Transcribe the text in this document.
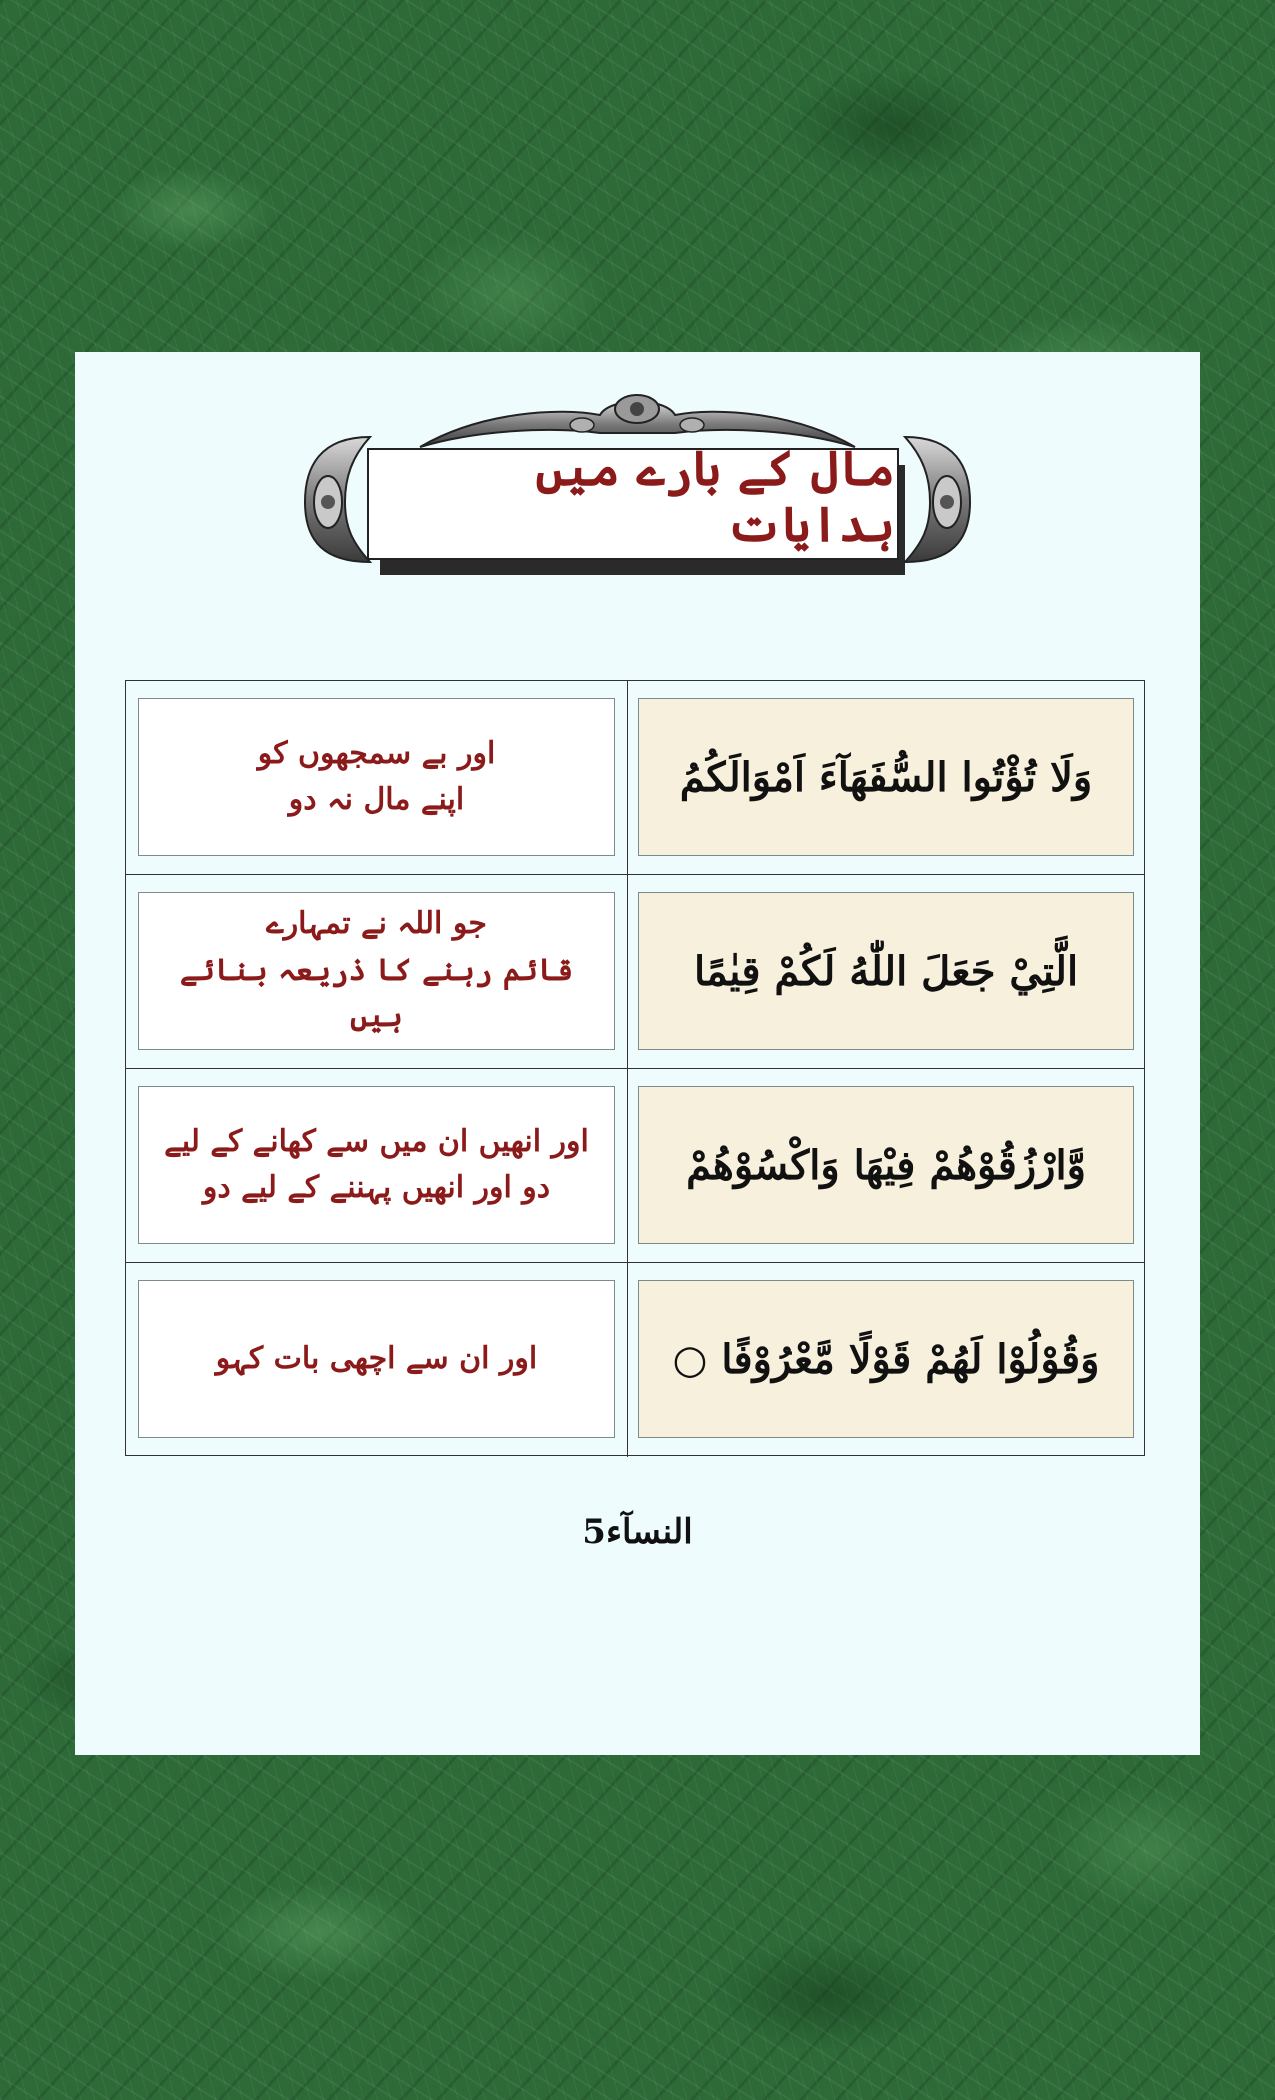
مال کے بارے میں ہدایات
وَلَا تُؤْتُوا السُّفَهَآءَ اَمْوَالَكُمُ
اور بے سمجھوں کو
اپنے مال نہ دو
الَّتِيْ جَعَلَ اللّٰهُ لَكُمْ قِيٰمًا
جو اللہ نے تمہارے
قائم رہنے کا ذریعہ بنائے ہیں
وَّارْزُقُوْهُمْ فِيْهَا وَاكْسُوْهُمْ
اور انھیں ان میں سے کھانے کے لیے
دو اور انھیں پہننے کے لیے دو
وَقُوْلُوْا لَهُمْ قَوْلًا مَّعْرُوْفًا ○
اور ان سے اچھی بات کہو
النسآء5
